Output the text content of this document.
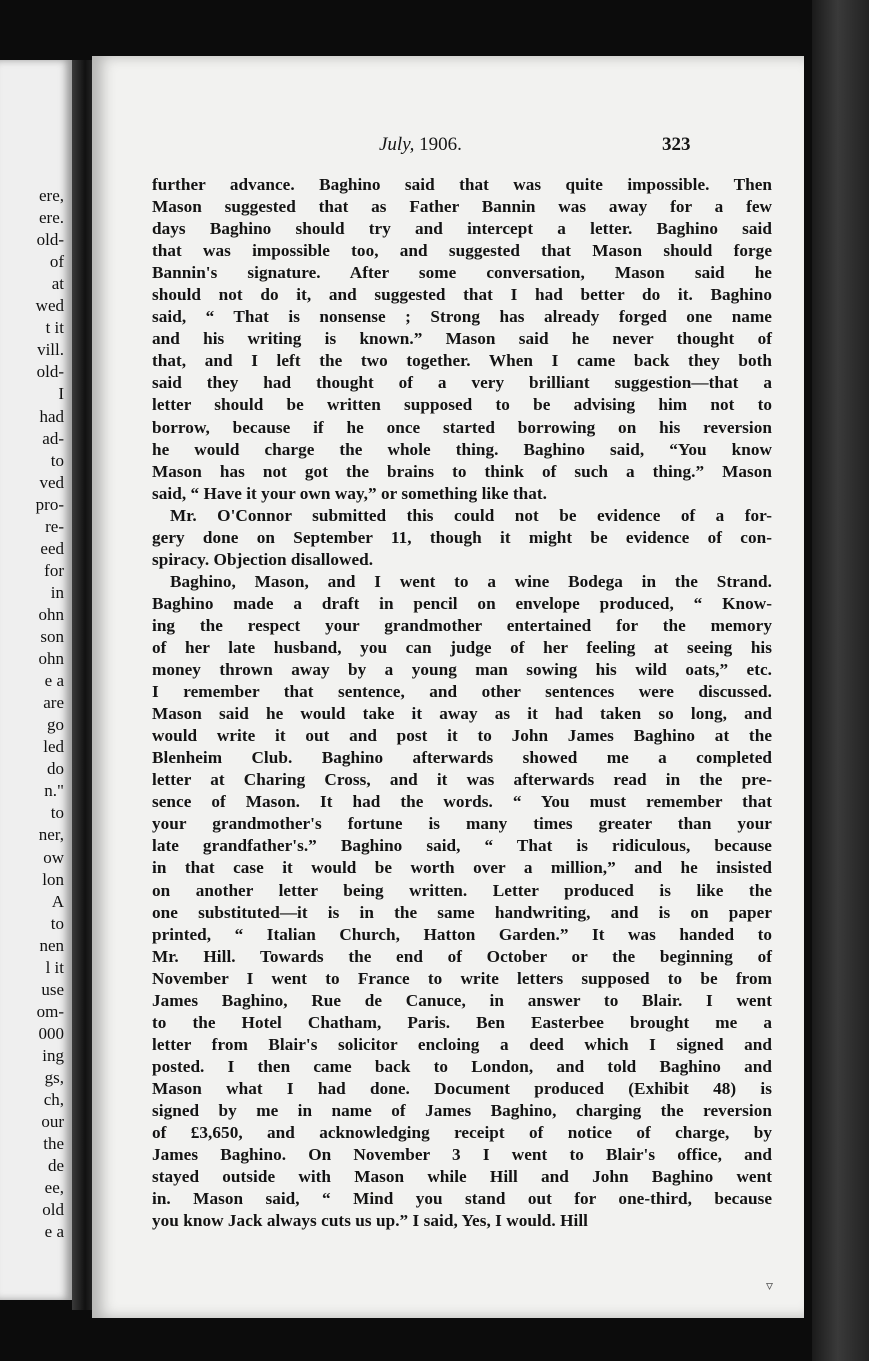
ere,
ere.
old-
of
at
wed
t it
vill.
old-
I
had
ad-
to
ved
pro-
re-
eed
for
in
ohn
son
ohn
e a
are
go
led
do
n."
to
ner,
ow
lon
A
to
nen
l it
use
om-
000
ing
gs,
ch,
our
the
de
ee,
old
e a
July, 1906.	323
further advance. Baghino said that was quite impossible. Then
Mason suggested that as Father Bannin was away for a few
days Baghino should try and intercept a letter. Baghino said
that was impossible too, and suggested that Mason should forge
Bannin's signature. After some conversation, Mason said he
should not do it, and suggested that I had better do it. Baghino
said, “ That is nonsense ; Strong has already forged one name
and his writing is known.” Mason said he never thought of
that, and I left the two together. When I came back they both
said they had thought of a very brilliant suggestion—that a
letter should be written supposed to be advising him not to
borrow, because if he once started borrowing on his reversion
he would charge the whole thing. Baghino said, “You know
Mason has not got the brains to think of such a thing.” Mason
said, “ Have it your own way,” or something like that.
Mr. O'Connor submitted this could not be evidence of a for-
gery done on September 11, though it might be evidence of con-
spiracy. Objection disallowed.
Baghino, Mason, and I went to a wine Bodega in the Strand.
Baghino made a draft in pencil on envelope produced, “ Know-
ing the respect your grandmother entertained for the memory
of her late husband, you can judge of her feeling at seeing his
money thrown away by a young man sowing his wild oats,” etc.
I remember that sentence, and other sentences were discussed.
Mason said he would take it away as it had taken so long, and
would write it out and post it to John James Baghino at the
Blenheim Club. Baghino afterwards showed me a completed
letter at Charing Cross, and it was afterwards read in the pre-
sence of Mason. It had the words. “ You must remember that
your grandmother's fortune is many times greater than your
late grandfather's.” Baghino said, “ That is ridiculous, because
in that case it would be worth over a million,” and he insisted
on another letter being written. Letter produced is like the
one substituted—it is in the same handwriting, and is on paper
printed, “ Italian Church, Hatton Garden.” It was handed to
Mr. Hill. Towards the end of October or the beginning of
November I went to France to write letters supposed to be from
James Baghino, Rue de Canuce, in answer to Blair. I went
to the Hotel Chatham, Paris. Ben Easterbee brought me a
letter from Blair's solicitor encloing a deed which I signed and
posted. I then came back to London, and told Baghino and
Mason what I had done. Document produced (Exhibit 48) is
signed by me in name of James Baghino, charging the reversion
of £3,650, and acknowledging receipt of notice of charge, by
James Baghino. On November 3 I went to Blair's office, and
stayed outside with Mason while Hill and John Baghino went
in. Mason said, “ Mind you stand out for one-third, because
you know Jack always cuts us up.” I said, Yes, I would. Hill
▿
